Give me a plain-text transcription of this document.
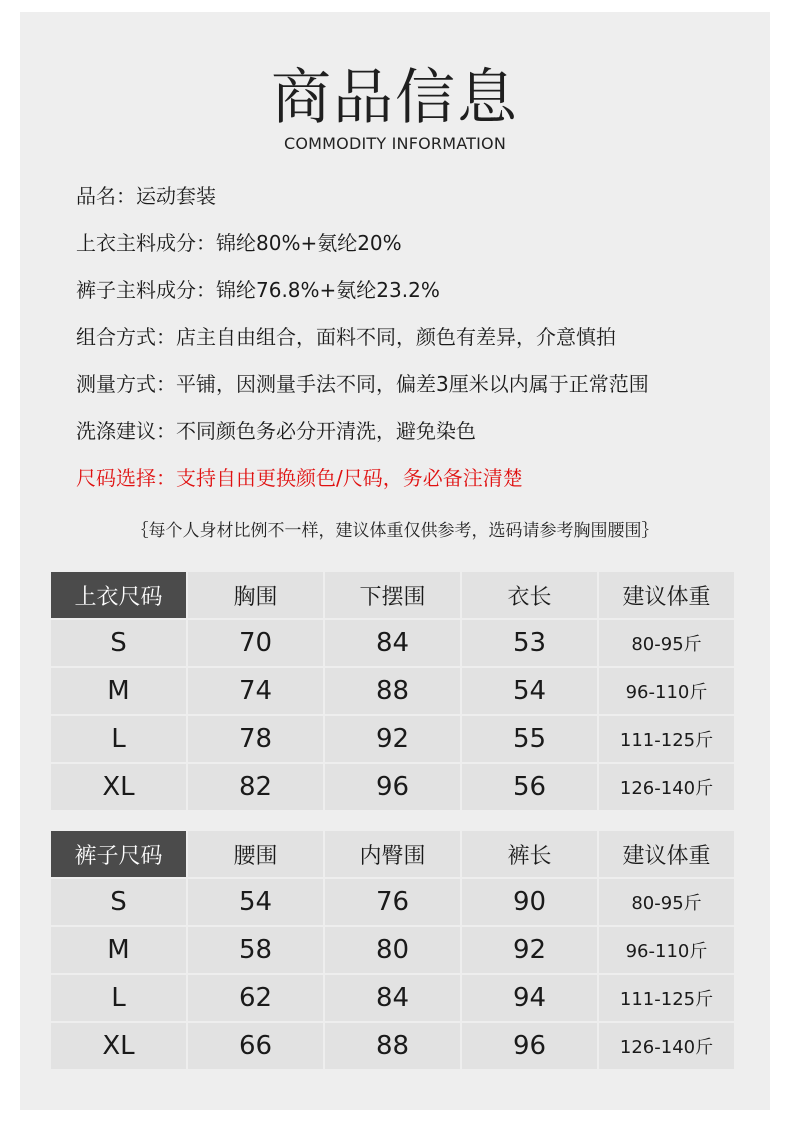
商品信息
COMMODITY INFORMATION
品名：运动套装
上衣主料成分：锦纶80%+氨纶20%
裤子主料成分：锦纶76.8%+氨纶23.2%
组合方式：店主自由组合，面料不同，颜色有差异，介意慎拍
测量方式：平铺，因测量手法不同，偏差3厘米以内属于正常范围
洗涤建议：不同颜色务必分开清洗，避免染色
尺码选择：支持自由更换颜色/尺码，务必备注清楚
｛每个人身材比例不一样，建议体重仅供参考，选码请参考胸围腰围｝
上衣尺码	胸围	下摆围	衣长	建议体重
S	70	84	53	80-95斤
M	74	88	54	96-110斤
L	78	92	55	111-125斤
XL	82	96	56	126-140斤
裤子尺码	腰围	内臀围	裤长	建议体重
S	54	76	90	80-95斤
M	58	80	92	96-110斤
L	62	84	94	111-125斤
XL	66	88	96	126-140斤
